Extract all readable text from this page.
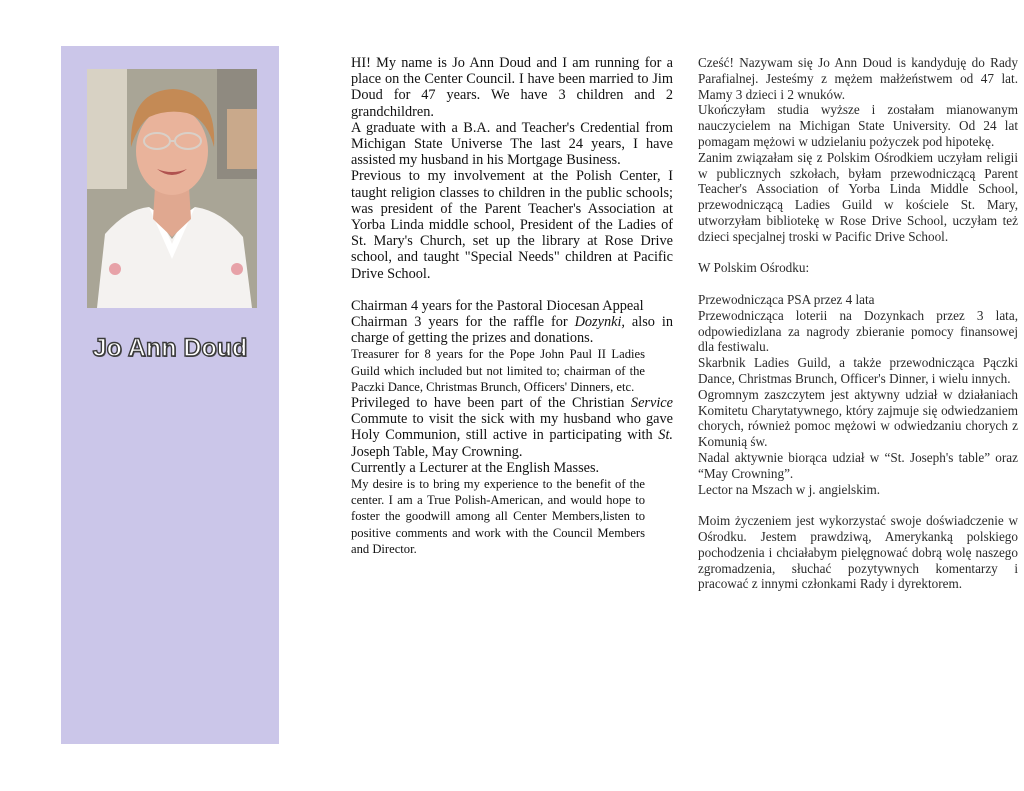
Jo Ann Doud

HI! My name is Jo Ann Doud and I am running for a place on the Center Council. I have been married to Jim Doud for 47 years. We have 3 children and 2 grandchildren.

A graduate with a B.A. and Teacher's Credential from Michigan State Universe The last 24 years, I have assisted my husband in his Mortgage Business.

Previous to my involvement at the Polish Center, I taught religion classes to children in the public schools; was president of the Parent Teacher's Association at Yorba Linda middle school, President of the Ladies of St. Mary's Church, set up the library at Rose Drive school, and taught "Special Needs" children at Pacific Drive School.

Chairman 4 years for the Pastoral Diocesan Appeal

Chairman 3 years for the raffle for Dozynki, also in charge of getting the prizes and donations.

Treasurer for 8 years for the Pope John Paul II Ladies Guild which included but not limited to; chairman of the Paczki Dance, Christmas Brunch, Officers' Dinners, etc.

Privileged to have been part of the Christian Service Commute to visit the sick with my husband who gave Holy Communion, still active in participating with St. Joseph Table, May Crowning.

Currently a Lecturer at the English Masses.

My desire is to bring my experience to the benefit of the center. I am a True Polish-American, and would hope to foster the goodwill among all Center Members,listen to positive comments and work with the Council Members and Director.

Cześć! Nazywam się Jo Ann Doud is kandyduję do Rady Parafialnej. Jesteśmy z mężem małżeństwem od 47 lat. Mamy 3 dzieci i 2 wnuków.

Ukończyłam studia wyższe i zostałam mianowanym nauczycielem na Michigan State University. Od 24 lat pomagam mężowi w udzielaniu pożyczek pod hipotekę.

Zanim związałam się z Polskim Ośrodkiem uczyłam religii w publicznych szkołach, byłam przewodniczącą Parent Teacher's Association of Yorba Linda Middle School, przewodniczącą Ladies Guild w kościele St. Mary, utworzyłam bibliotekę w Rose Drive School, uczyłam też dzieci specjalnej troski w Pacific Drive School.

W Polskim Ośrodku:

Przewodnicząca PSA przez 4 lata

Przewodnicząca loterii na Dozynkach przez 3 lata, odpowiedizlana za nagrody zbieranie pomocy finansowej dla festiwalu.

Skarbnik Ladies Guild, a także przewodnicząca Pączki Dance, Christmas Brunch, Officer's Dinner, i wielu innych.

Ogromnym zaszczytem jest aktywny udział w działaniach Komitetu Charytatywnego, który zajmuje się odwiedzaniem chorych, również pomoc mężowi w odwiedzaniu chorych z Komunią św.

Nadal aktywnie biorąca udział w “St. Joseph's table” oraz “May Crowning”.

Lector na Mszach w j. angielskim.

Moim życzeniem jest wykorzystać swoje doświadczenie w Ośrodku. Jestem prawdziwą, Amerykanką polskiego pochodzenia i chciałabym pielęgnować dobrą wolę naszego zgromadzenia, słuchać pozytywnych komentarzy i pracować z innymi członkami Rady i dyrektorem.
